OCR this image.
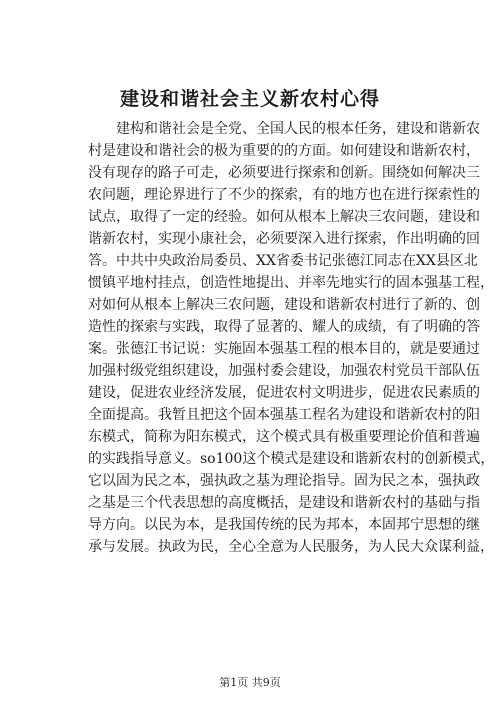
建设和谐社会主义新农村心得
建构和谐社会是全党、全国人民的根本任务，建设和谐新农
村是建设和谐社会的极为重要的的方面。如何建设和谐新农村，
没有现存的路子可走，必须要进行探索和创新。围绕如何解决三
农问题，理论界进行了不少的探索，有的地方也在进行探索性的
试点，取得了一定的经验。如何从根本上解决三农问题，建设和
谐新农村，实现小康社会，必须要深入进行探索，作出明确的回
答。中共中央政治局委员、XX省委书记张德江同志在XX县区北
惯镇平地村挂点，创造性地提出、并率先地实行的固本强基工程，
对如何从根本上解决三农问题，建设和谐新农村进行了新的、创
造性的探索与实践，取得了显著的、耀人的成绩，有了明确的答
案。张德江书记说：实施固本强基工程的根本目的，就是要通过
加强村级党组织建设，加强村委会建设，加强农村党员干部队伍
建设，促进农业经济发展，促进农村文明进步，促进农民素质的
全面提高。我暂且把这个固本强基工程名为建设和谐新农村的阳
东模式，简称为阳东模式，这个模式具有极重要理论价值和普遍
的实践指导意义。so100这个模式是建设和谐新农村的创新模式，
它以固为民之本，强执政之基为理论指导。固为民之本，强执政
之基是三个代表思想的高度概括，是建设和谐新农村的基础与指
导方向。以民为本，是我国传统的民为邦本，本固邦宁思想的继
承与发展。执政为民，全心全意为人民服务，为人民大众谋利益，
第1页 共9页
